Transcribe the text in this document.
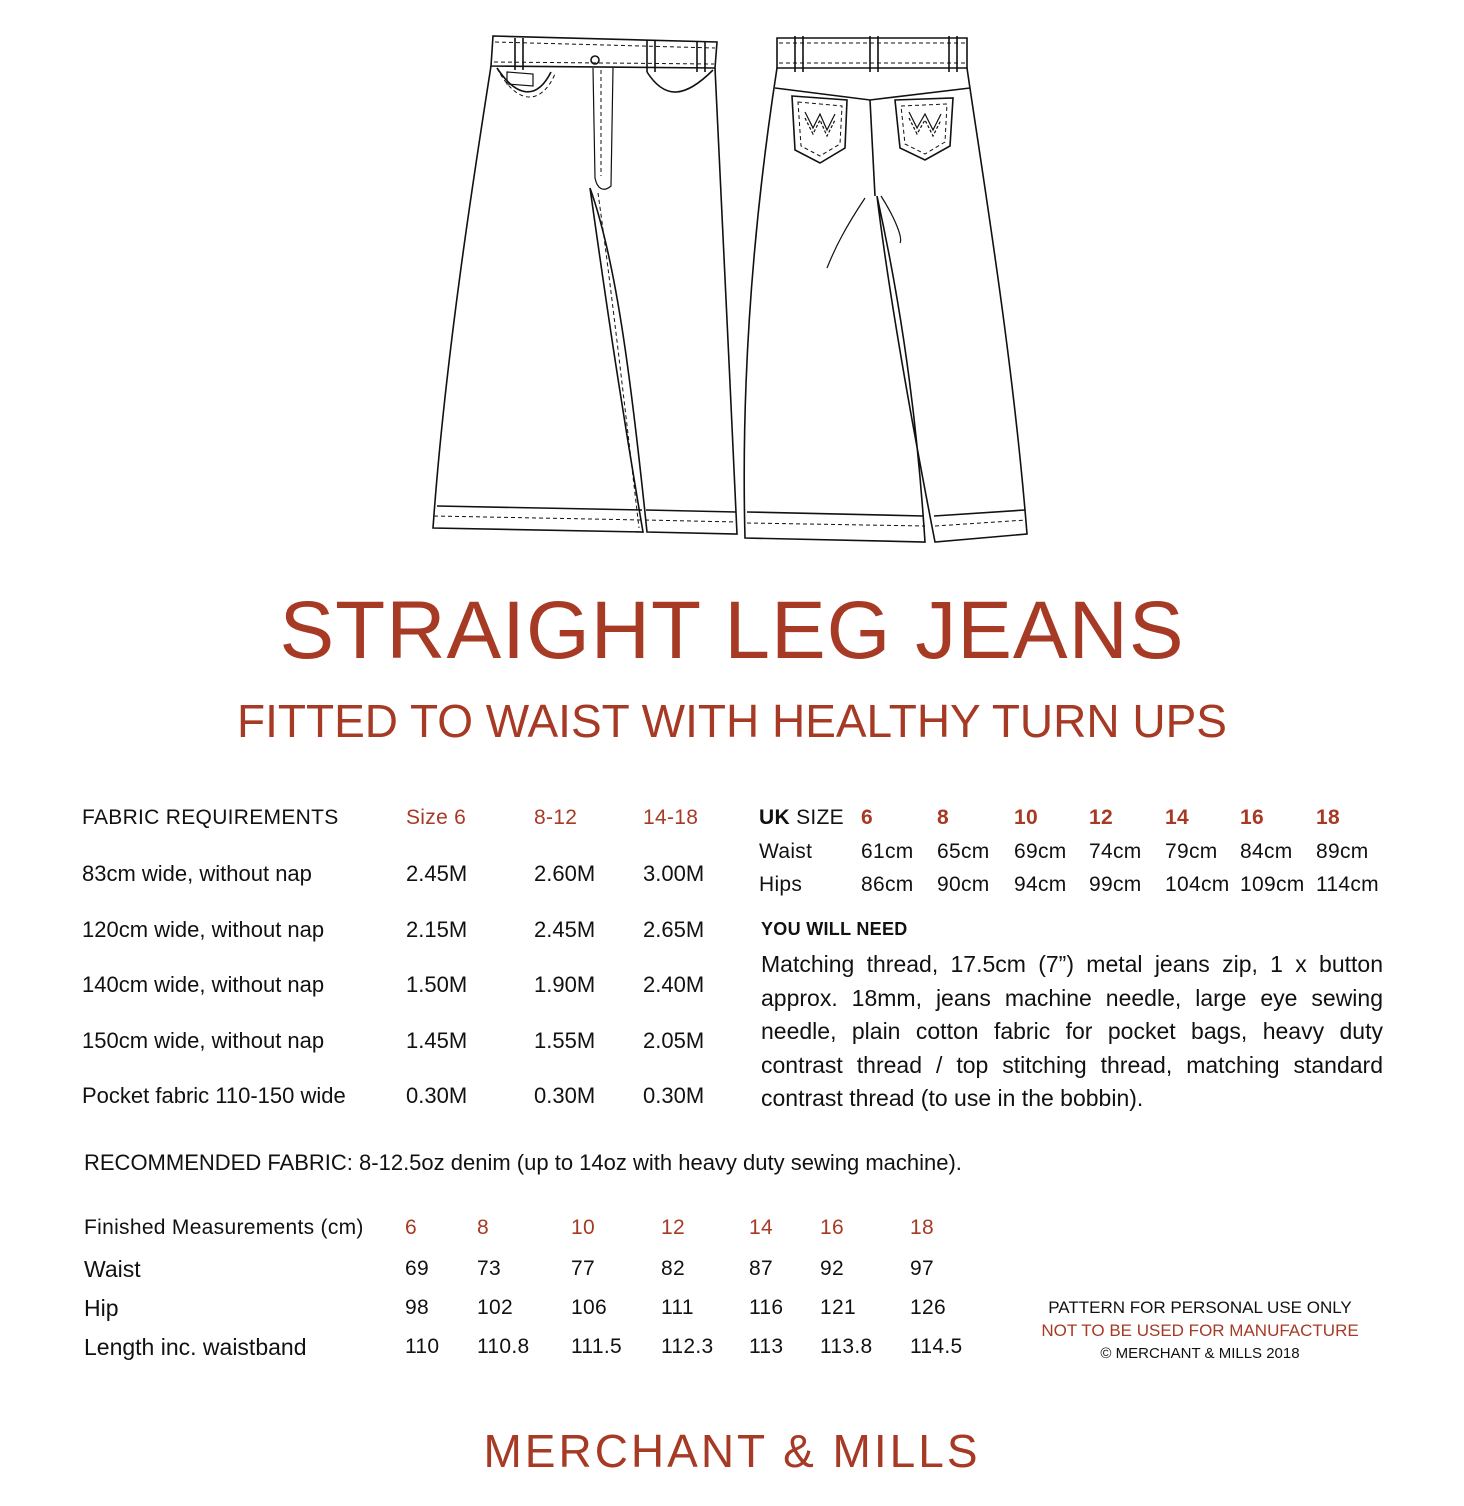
STRAIGHT LEG JEANS
FITTED TO WAIST WITH HEALTHY TURN UPS
FABRIC REQUIREMENTS	Size 6	8-12	14-18
83cm wide, without nap	2.45M	2.60M 3.00M
120cm wide, without nap	2.15M	2.45M 2.65M
140cm wide, without nap	1.50M	1.90M 2.40M
150cm wide, without nap	1.45M	1.55M 2.05M
Pocket fabric 110-150 wide	0.30M	0.30M 0.30M
UK SIZE 6	8	10 12 14 16 18
Waist 61cm 65cm 69cm 74cm 79cm 84cm 89cm
Hips	86cm 90cm 94cm 99cm 104cm 109cm 114cm
YOU WILL NEED
Matching thread, 17.5cm (7”) metal jeans zip, 1 x button approx. 18mm, jeans machine needle, large eye sewing needle, plain cotton fabric for pocket bags, heavy duty contrast thread / top stitching thread, matching standard contrast thread (to use in the bobbin).
RECOMMENDED FABRIC: 8-12.5oz denim (up to 14oz with heavy duty sewing machine).
Finished Measurements (cm) 6	8	10	12	14 16	18
Waist	69 73	77	82	87 92	97
Hip	98 102	106	111	116 121	126
Length inc. waistband	110 110.8 111.5 112.3 113 113.8 114.5
PATTERN FOR PERSONAL USE ONLY
NOT TO BE USED FOR MANUFACTURE
© MERCHANT & MILLS 2018
MERCHANT & MILLS
